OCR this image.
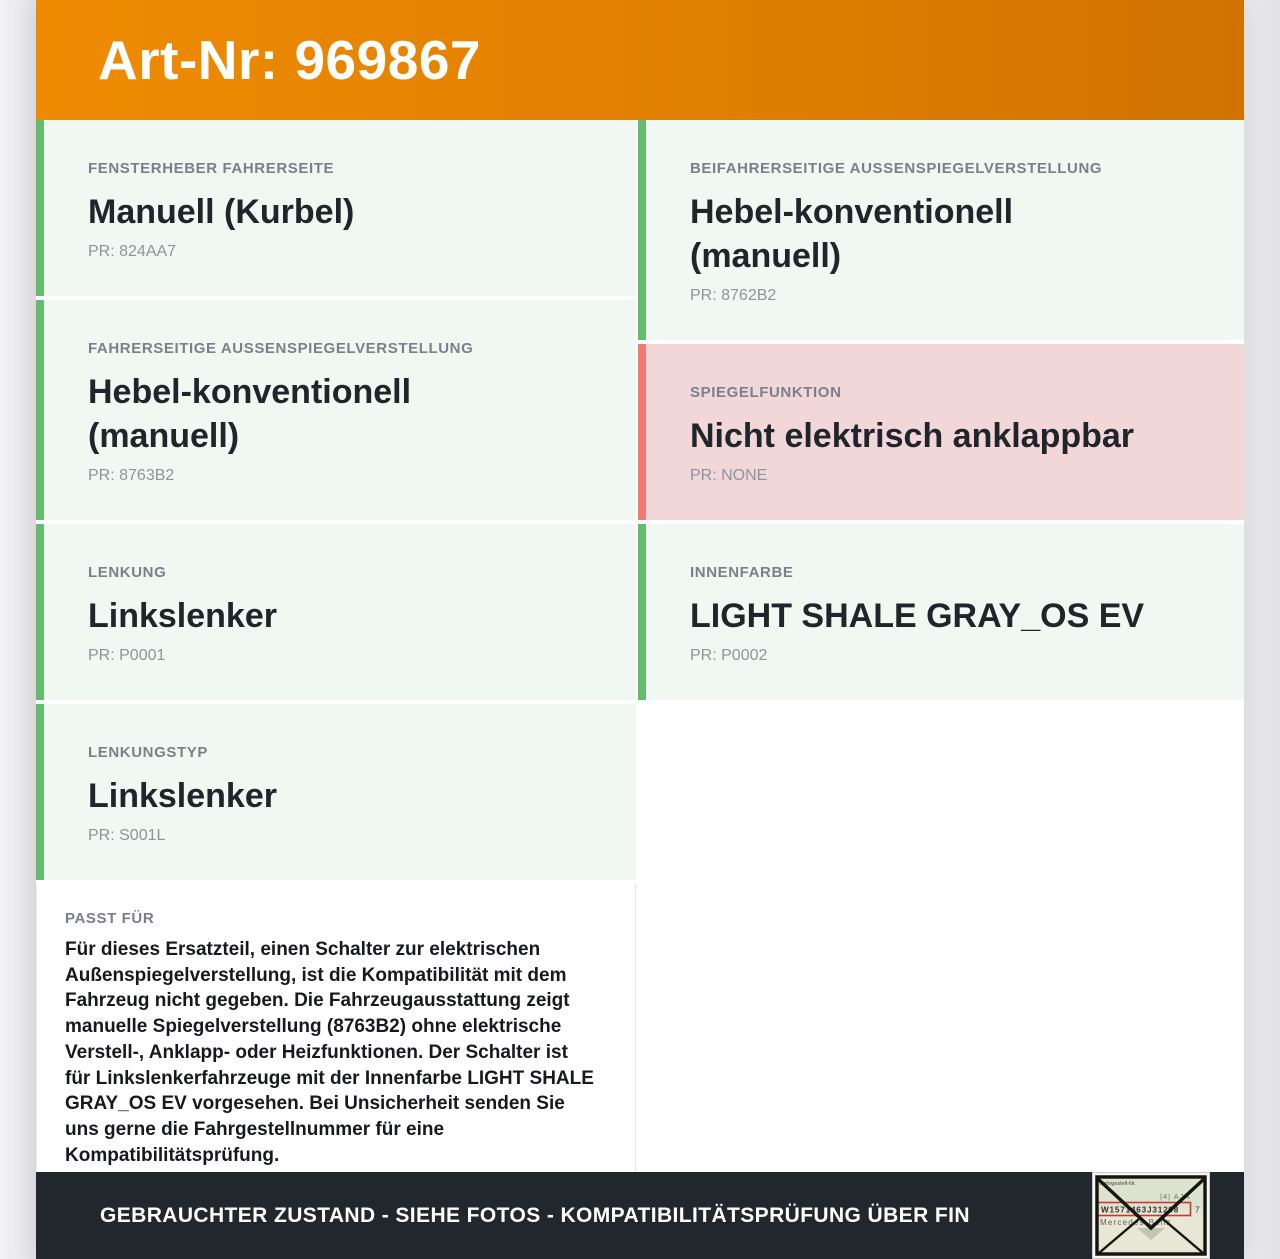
Art-Nr: 969867
FENSTERHEBER FAHRERSEITE
Manuell (Kurbel)
PR: 824AA7
FAHRERSEITIGE AUSSENSPIEGELVERSTELLUNG
Hebel-konventionell (manuell)
PR: 8763B2
LENKUNG
Linkslenker
PR: P0001
LENKUNGSTYP
Linkslenker
PR: S001L
PASST FÜR
Für dieses Ersatzteil, einen Schalter zur elektrischen Außenspiegelverstellung, ist die Kompatibilität mit dem Fahrzeug nicht gegeben. Die Fahrzeugausstattung zeigt manuelle Spiegelverstellung (8763B2) ohne elektrische Verstell-, Anklapp- oder Heizfunktionen. Der Schalter ist für Linkslenkerfahrzeuge mit der Innenfarbe LIGHT SHALE GRAY_OS EV vorgesehen. Bei Unsicherheit senden Sie uns gerne die Fahrgestellnummer für eine Kompatibilitätsprüfung.
BEIFAHRERSEITIGE AUSSENSPIEGELVERSTELLUNG
Hebel-konventionell (manuell)
PR: 8762B2
SPIEGELFUNKTION
Nicht elektrisch anklappbar
PR: NONE
INNENFARBE
LIGHT SHALE GRAY_OS EV
PR: P0002
GEBRAUCHTER ZUSTAND - SIEHE FOTOS - KOMPATIBILITÄTSPRÜFUNG ÜBER FIN
Fahrgestell-Nr.
|4| AJA
W1571463J31298 7
Mercedes-Benz
